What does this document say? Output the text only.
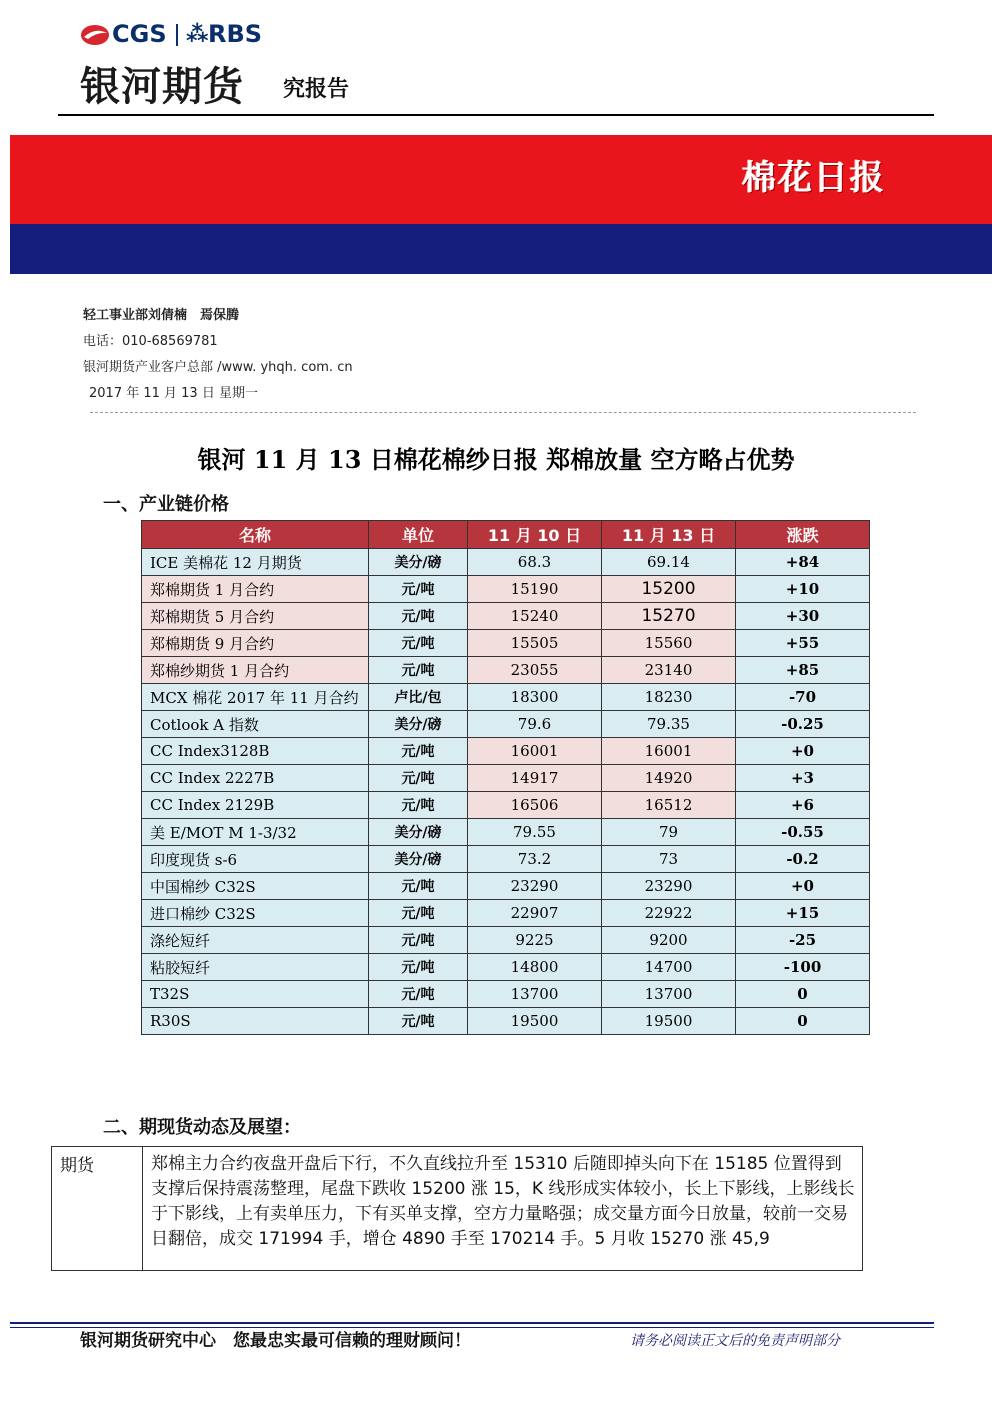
CGS ⁂ RBS
银河期货 究报告
棉花日报
轻工事业部刘倩楠　焉保腾
电话：010-68569781
银河期货产业客户总部 /www. yhqh. com. cn
2017 年 11 月 13 日 星期一
银河 11 月 13 日棉花棉纱日报 郑棉放量 空方略占优势
一、产业链价格
名称	单位	11 月 10 日	11 月 13 日	涨跌
ICE 美棉花 12 月期货	美分/磅	68.3	69.14	+84
郑棉期货 1 月合约	元/吨	15190	15200	+10
郑棉期货 5 月合约	元/吨	15240	15270	+30
郑棉期货 9 月合约	元/吨	15505	15560	+55
郑棉纱期货 1 月合约	元/吨	23055	23140	+85
MCX 棉花 2017 年 11 月合约	卢比/包	18300	18230	-70
Cotlook A 指数	美分/磅	79.6	79.35	-0.25
CC Index3128B	元/吨	16001	16001	+0
CC Index 2227B	元/吨	14917	14920	+3
CC Index 2129B	元/吨	16506	16512	+6
美 E/MOT M 1-3/32	美分/磅	79.55	79	-0.55
印度现货 s-6	美分/磅	73.2	73	-0.2
中国棉纱 C32S	元/吨	23290	23290	+0
进口棉纱 C32S	元/吨	22907	22922	+15
涤纶短纤	元/吨	9225	9200	-25
粘胶短纤	元/吨	14800	14700	-100
T32S	元/吨	13700	13700	0
R30S	元/吨	19500	19500	0
二、期现货动态及展望：
期货	郑棉主力合约夜盘开盘后下行，不久直线拉升至 15310 后随即掉头向下在 15185 位置得到支撑后保持震荡整理，尾盘下跌收 15200 涨 15，K 线形成实体较小，长上下影线，上影线长于下影线，上有卖单压力，下有买单支撑，空方力量略强；成交量方面今日放量，较前一交易日翻倍，成交 171994 手，增仓 4890 手至 170214 手。5 月收 15270 涨 45,9
银河期货研究中心　您最忠实最可信赖的理财顾问！	请务必阅读正文后的免责声明部分
